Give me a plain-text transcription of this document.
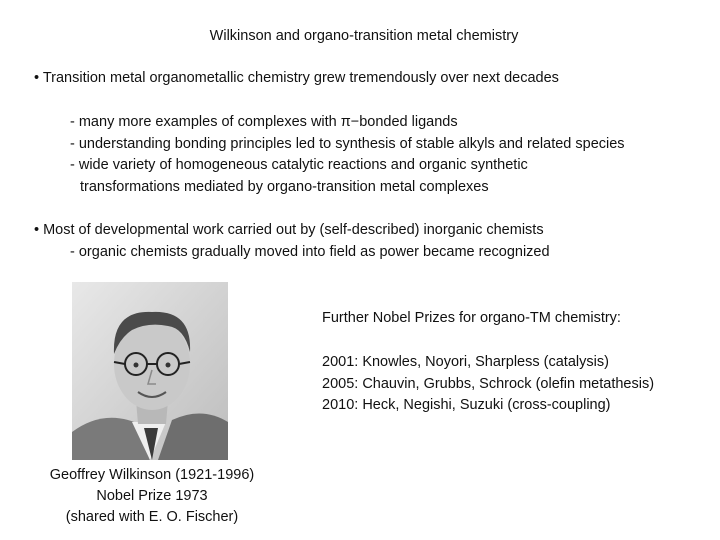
Wilkinson and organo-transition metal chemistry
• Transition metal organometallic chemistry grew tremendously over next decades
- many more examples of complexes with π−bonded ligands
- understanding bonding principles led to synthesis of stable alkyls and related species
- wide variety of homogeneous catalytic reactions and organic synthetic
transformations mediated by organo-transition metal complexes
• Most of developmental work carried out by (self-described) inorganic chemists
- organic chemists gradually moved into field as power became recognized
Geoffrey Wilkinson (1921-1996)
Nobel Prize 1973
(shared with E. O. Fischer)
Further Nobel Prizes for organo-TM chemistry:
2001: Knowles, Noyori, Sharpless (catalysis)
2005: Chauvin, Grubbs, Schrock (olefin metathesis)
2010: Heck, Negishi, Suzuki (cross-coupling)
